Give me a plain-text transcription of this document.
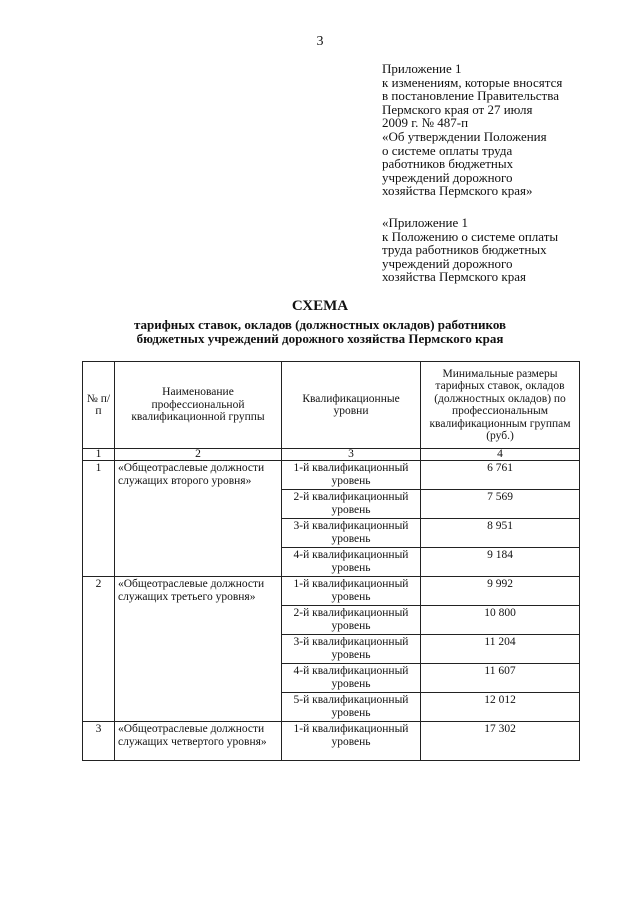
3
Приложение 1
к изменениям, которые вносятся
в постановление Правительства
Пермского края от 27 июля
2009 г. № 487-п
«Об утверждении Положения
о системе оплаты труда
работников бюджетных
учреждений дорожного
хозяйства Пермского края»
«Приложение 1
к Положению о системе оплаты
труда работников бюджетных
учреждений дорожного
хозяйства Пермского края
СХЕМА
тарифных ставок, окладов (должностных окладов) работников
бюджетных учреждений дорожного хозяйства Пермского края
№ п/п	Наименование профессиональной квалификационной группы	Квалификационные уровни	Минимальные размеры тарифных ставок, окладов (должностных окладов) по профессиональным квалификационным группам (руб.)
1	2	3	4
1	«Общеотраслевые должности служащих второго уровня»	1-й квалификационный уровень	6 761
		2-й квалификационный уровень	7 569
		3-й квалификационный уровень	8 951
		4-й квалификационный уровень	9 184
2	«Общеотраслевые должности служащих третьего уровня»	1-й квалификационный уровень	9 992
		2-й квалификационный уровень	10 800
		3-й квалификационный уровень	11 204
		4-й квалификационный уровень	11 607
		5-й квалификационный уровень	12 012
3	«Общеотраслевые должности служащих четвертого уровня»	1-й квалификационный уровень	17 302
